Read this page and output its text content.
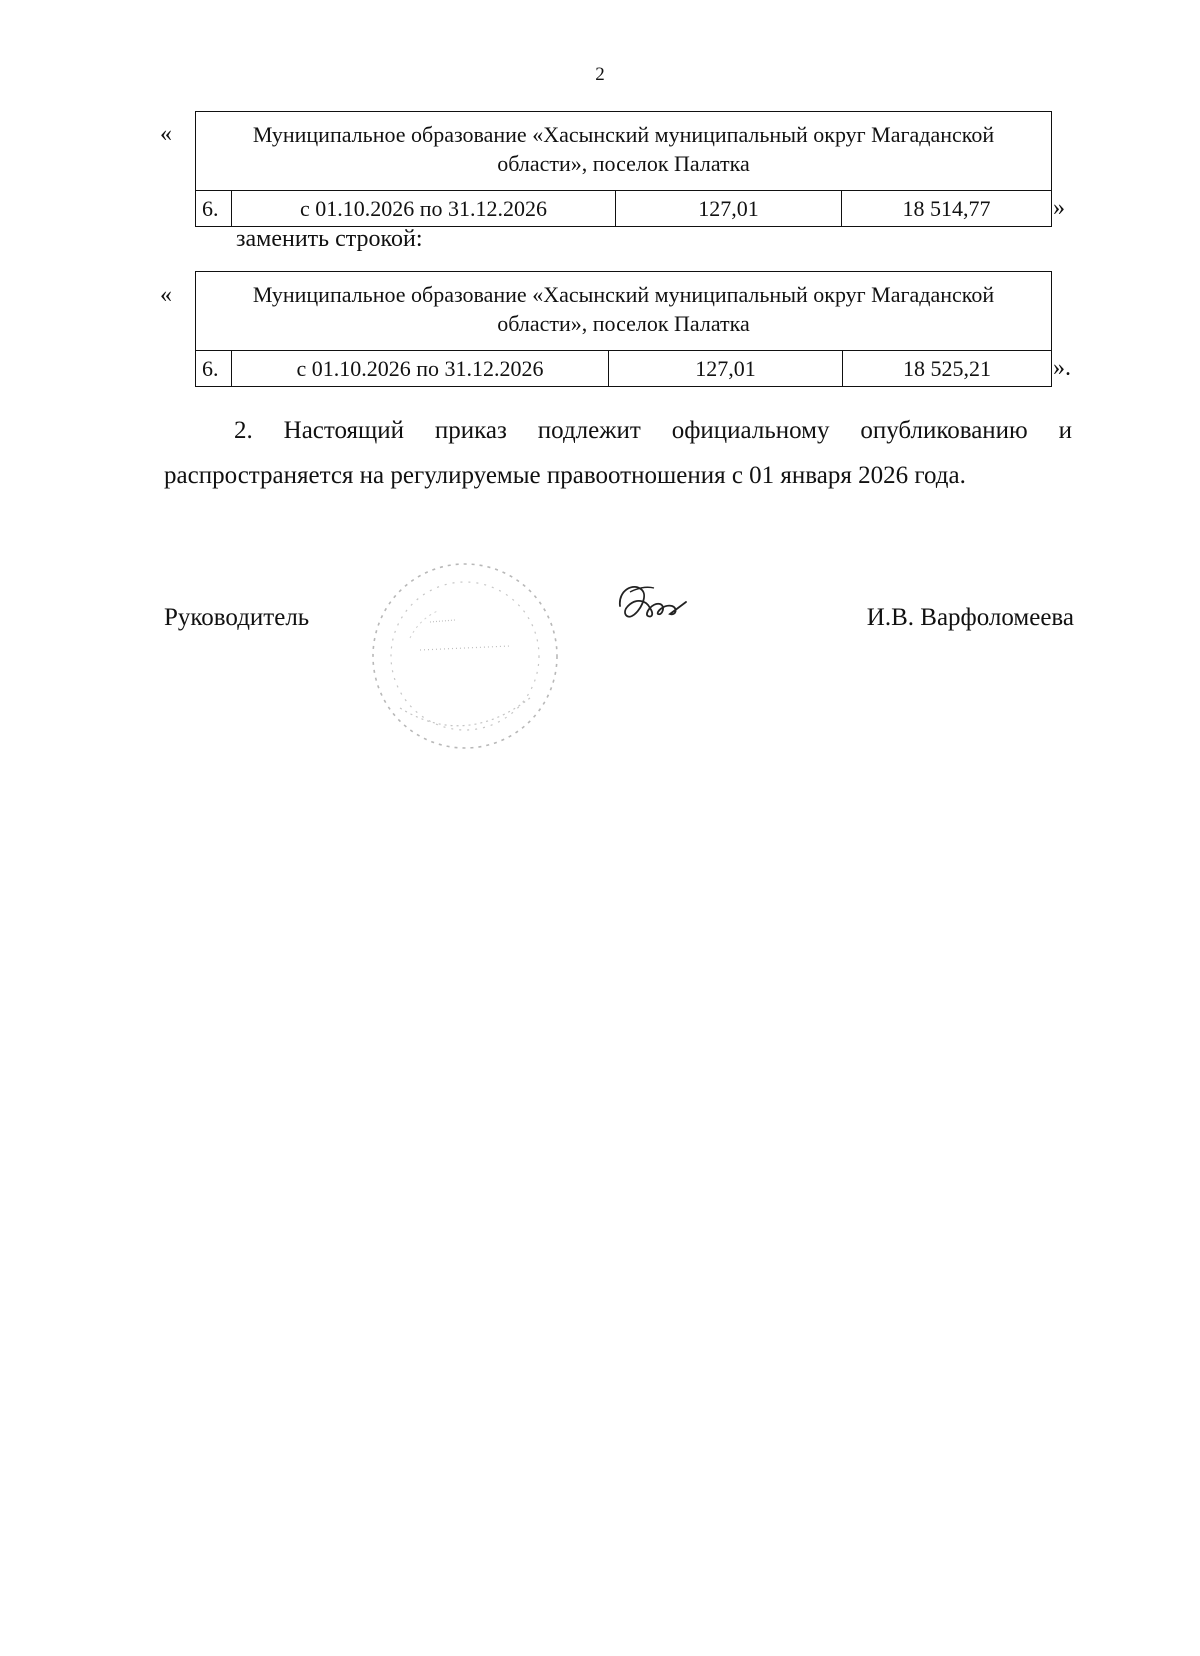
2
«	Муниципальное образование «Хасынский муниципальный округ Магаданской области», поселок Палатка
6.	с 01.10.2026 по 31.12.2026	127,01	18 514,77	»
заменить строкой:
«	Муниципальное образование «Хасынский муниципальный округ Магаданской области», поселок Палатка
6.	с 01.10.2026 по 31.12.2026	127,01	18 525,21	».
2. Настоящий приказ подлежит официальному опубликованию и распространяется на регулируемые правоотношения с 01 января 2026 года.
Руководитель	И.В. Варфоломеева
